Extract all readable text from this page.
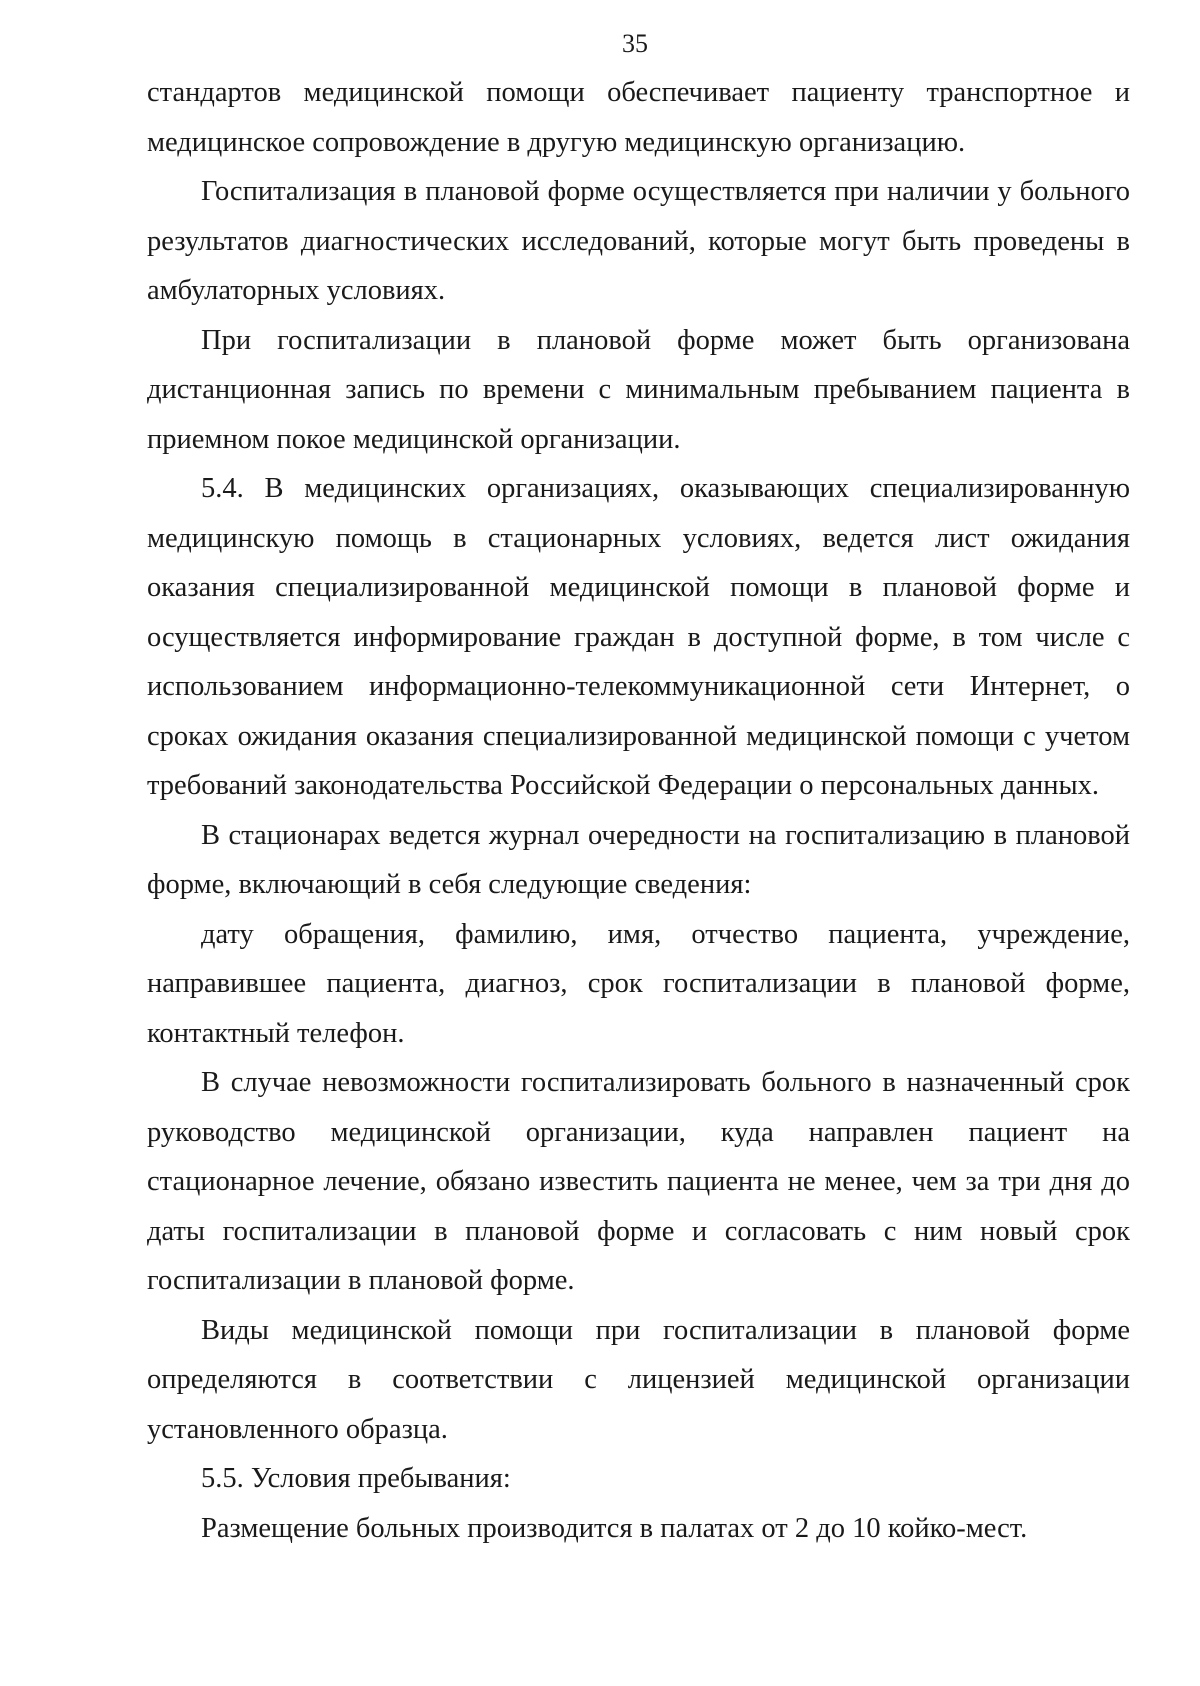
35

стандартов медицинской помощи обеспечивает пациенту транспортное и медицинское сопровождение в другую медицинскую организацию.

Госпитализация в плановой форме осуществляется при наличии у больного результатов диагностических исследований, которые могут быть проведены в амбулаторных условиях.

При госпитализации в плановой форме может быть организована дистанционная запись по времени с минимальным пребыванием пациента в приемном покое медицинской организации.

5.4. В медицинских организациях, оказывающих специализированную медицинскую помощь в стационарных условиях, ведется лист ожидания оказания специализированной медицинской помощи в плановой форме и осуществляется информирование граждан в доступной форме, в том числе с использованием информационно-телекоммуникационной сети Интернет, о сроках ожидания оказания специализированной медицинской помощи с учетом требований законодательства Российской Федерации о персональных данных.

В стационарах ведется журнал очередности на госпитализацию в плановой форме, включающий в себя следующие сведения:

дату обращения, фамилию, имя, отчество пациента, учреждение, направившее пациента, диагноз, срок госпитализации в плановой форме, контактный телефон.

В случае невозможности госпитализировать больного в назначенный срок руководство медицинской организации, куда направлен пациент на стационарное лечение, обязано известить пациента не менее, чем за три дня до даты госпитализации в плановой форме и согласовать с ним новый срок госпитализации в плановой форме.

Виды медицинской помощи при госпитализации в плановой форме определяются в соответствии с лицензией медицинской организации установленного образца.

5.5. Условия пребывания:

Размещение больных производится в палатах от 2 до 10 койко-мест.
